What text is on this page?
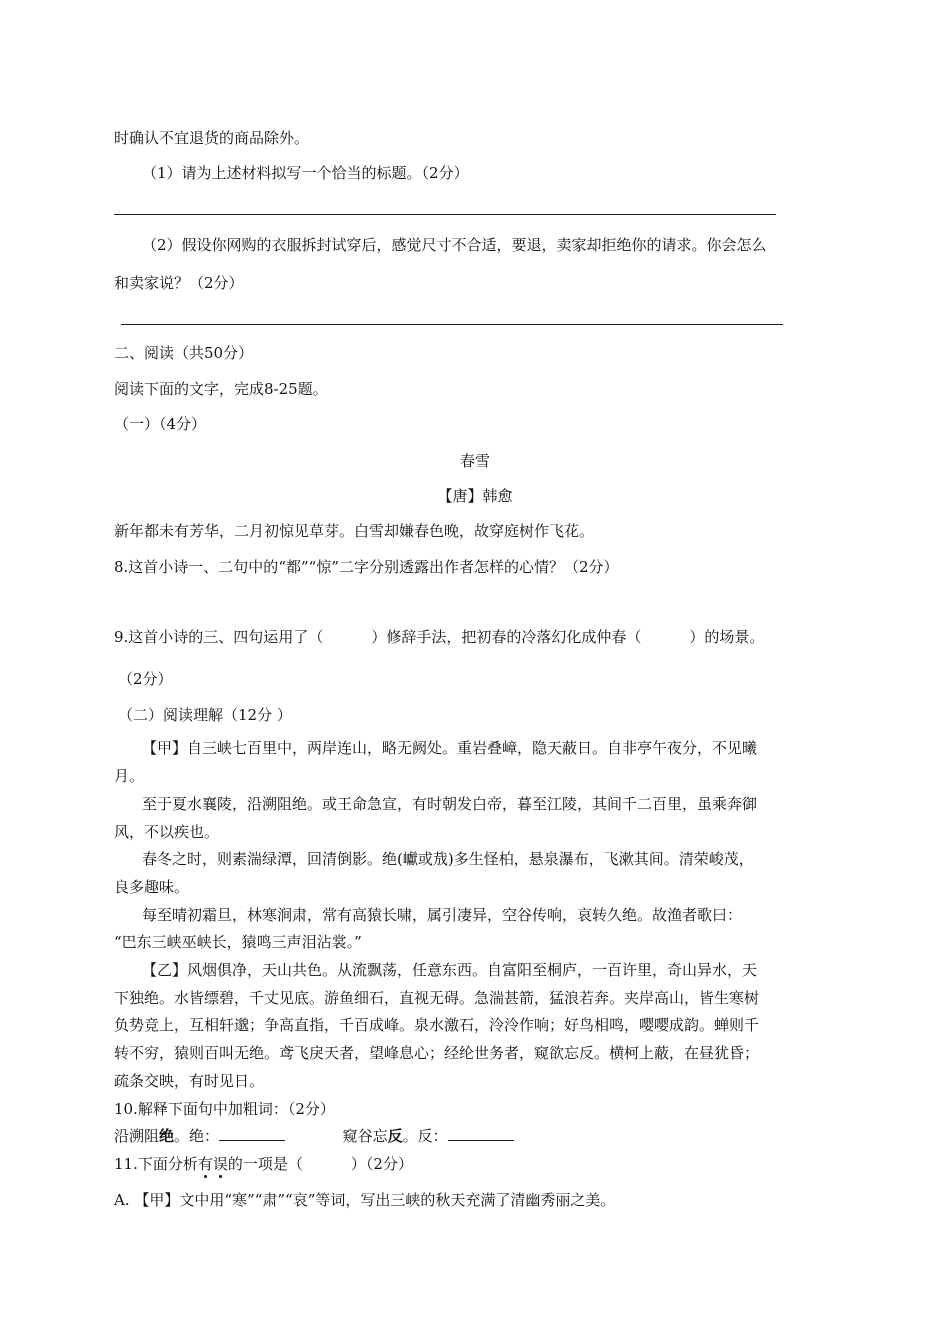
时确认不宜退货的商品除外。
（1）请为上述材料拟写一个恰当的标题。（2分）
（2）假设你网购的衣服拆封试穿后，感觉尺寸不合适，要退，卖家却拒绝你的请求。你会怎么
和卖家说？（2分）
二、阅读（共50分）
阅读下面的文字，完成8-25题。
（一）（4分）
春雪
【唐】韩愈
新年都未有芳华，二月初惊见草芽。白雪却嫌春色晚，故穿庭树作飞花。
8.这首小诗一、二句中的“都”“惊”二字分别透露出作者怎样的心情？（2分）
9.这首小诗的三、四句运用了（	）修辞手法，把初春的冷落幻化成仲春（	）的场景。
（2分）
（二）阅读理解（12分 ）
【甲】自三峡七百里中，两岸连山，略无阙处。重岩叠嶂，隐天蔽日。自非亭午夜分，不见曦
月。
至于夏水襄陵，沿溯阻绝。或王命急宣，有时朝发白帝，暮至江陵，其间千二百里，虽乘奔御
风，不以疾也。
春冬之时，则素湍绿潭，回清倒影。绝(巘或㦲)多生怪柏，悬泉瀑布，飞漱其间。清荣峻茂，
良多趣味。
每至晴初霜旦，林寒涧肃，常有高猿长啸，属引凄异，空谷传响，哀转久绝。故渔者歌曰：
“巴东三峡巫峡长，猿鸣三声泪沾裳。”
【乙】风烟俱净，天山共色。从流飘荡，任意东西。自富阳至桐庐，一百许里，奇山异水，天
下独绝。水皆缥碧，千丈见底。游鱼细石，直视无碍。急湍甚箭，猛浪若奔。夹岸高山，皆生寒树
负势竞上，互相轩邈；争高直指，千百成峰。泉水激石，泠泠作响；好鸟相鸣，嘤嘤成韵。蝉则千
转不穷，猿则百叫无绝。鸢飞戾天者，望峰息心；经纶世务者，窥欲忘反。横柯上蔽，在昼犹昏；
疏条交映，有时见日。
10.解释下面句中加粗词：（2分）
沿溯阻绝。绝：	窥谷忘反。反：
11.下面分析有误的一项是（	）（2分）
A. 【甲】文中用“寒”“肃”“哀”等词，写出三峡的秋天充满了清幽秀丽之美。
